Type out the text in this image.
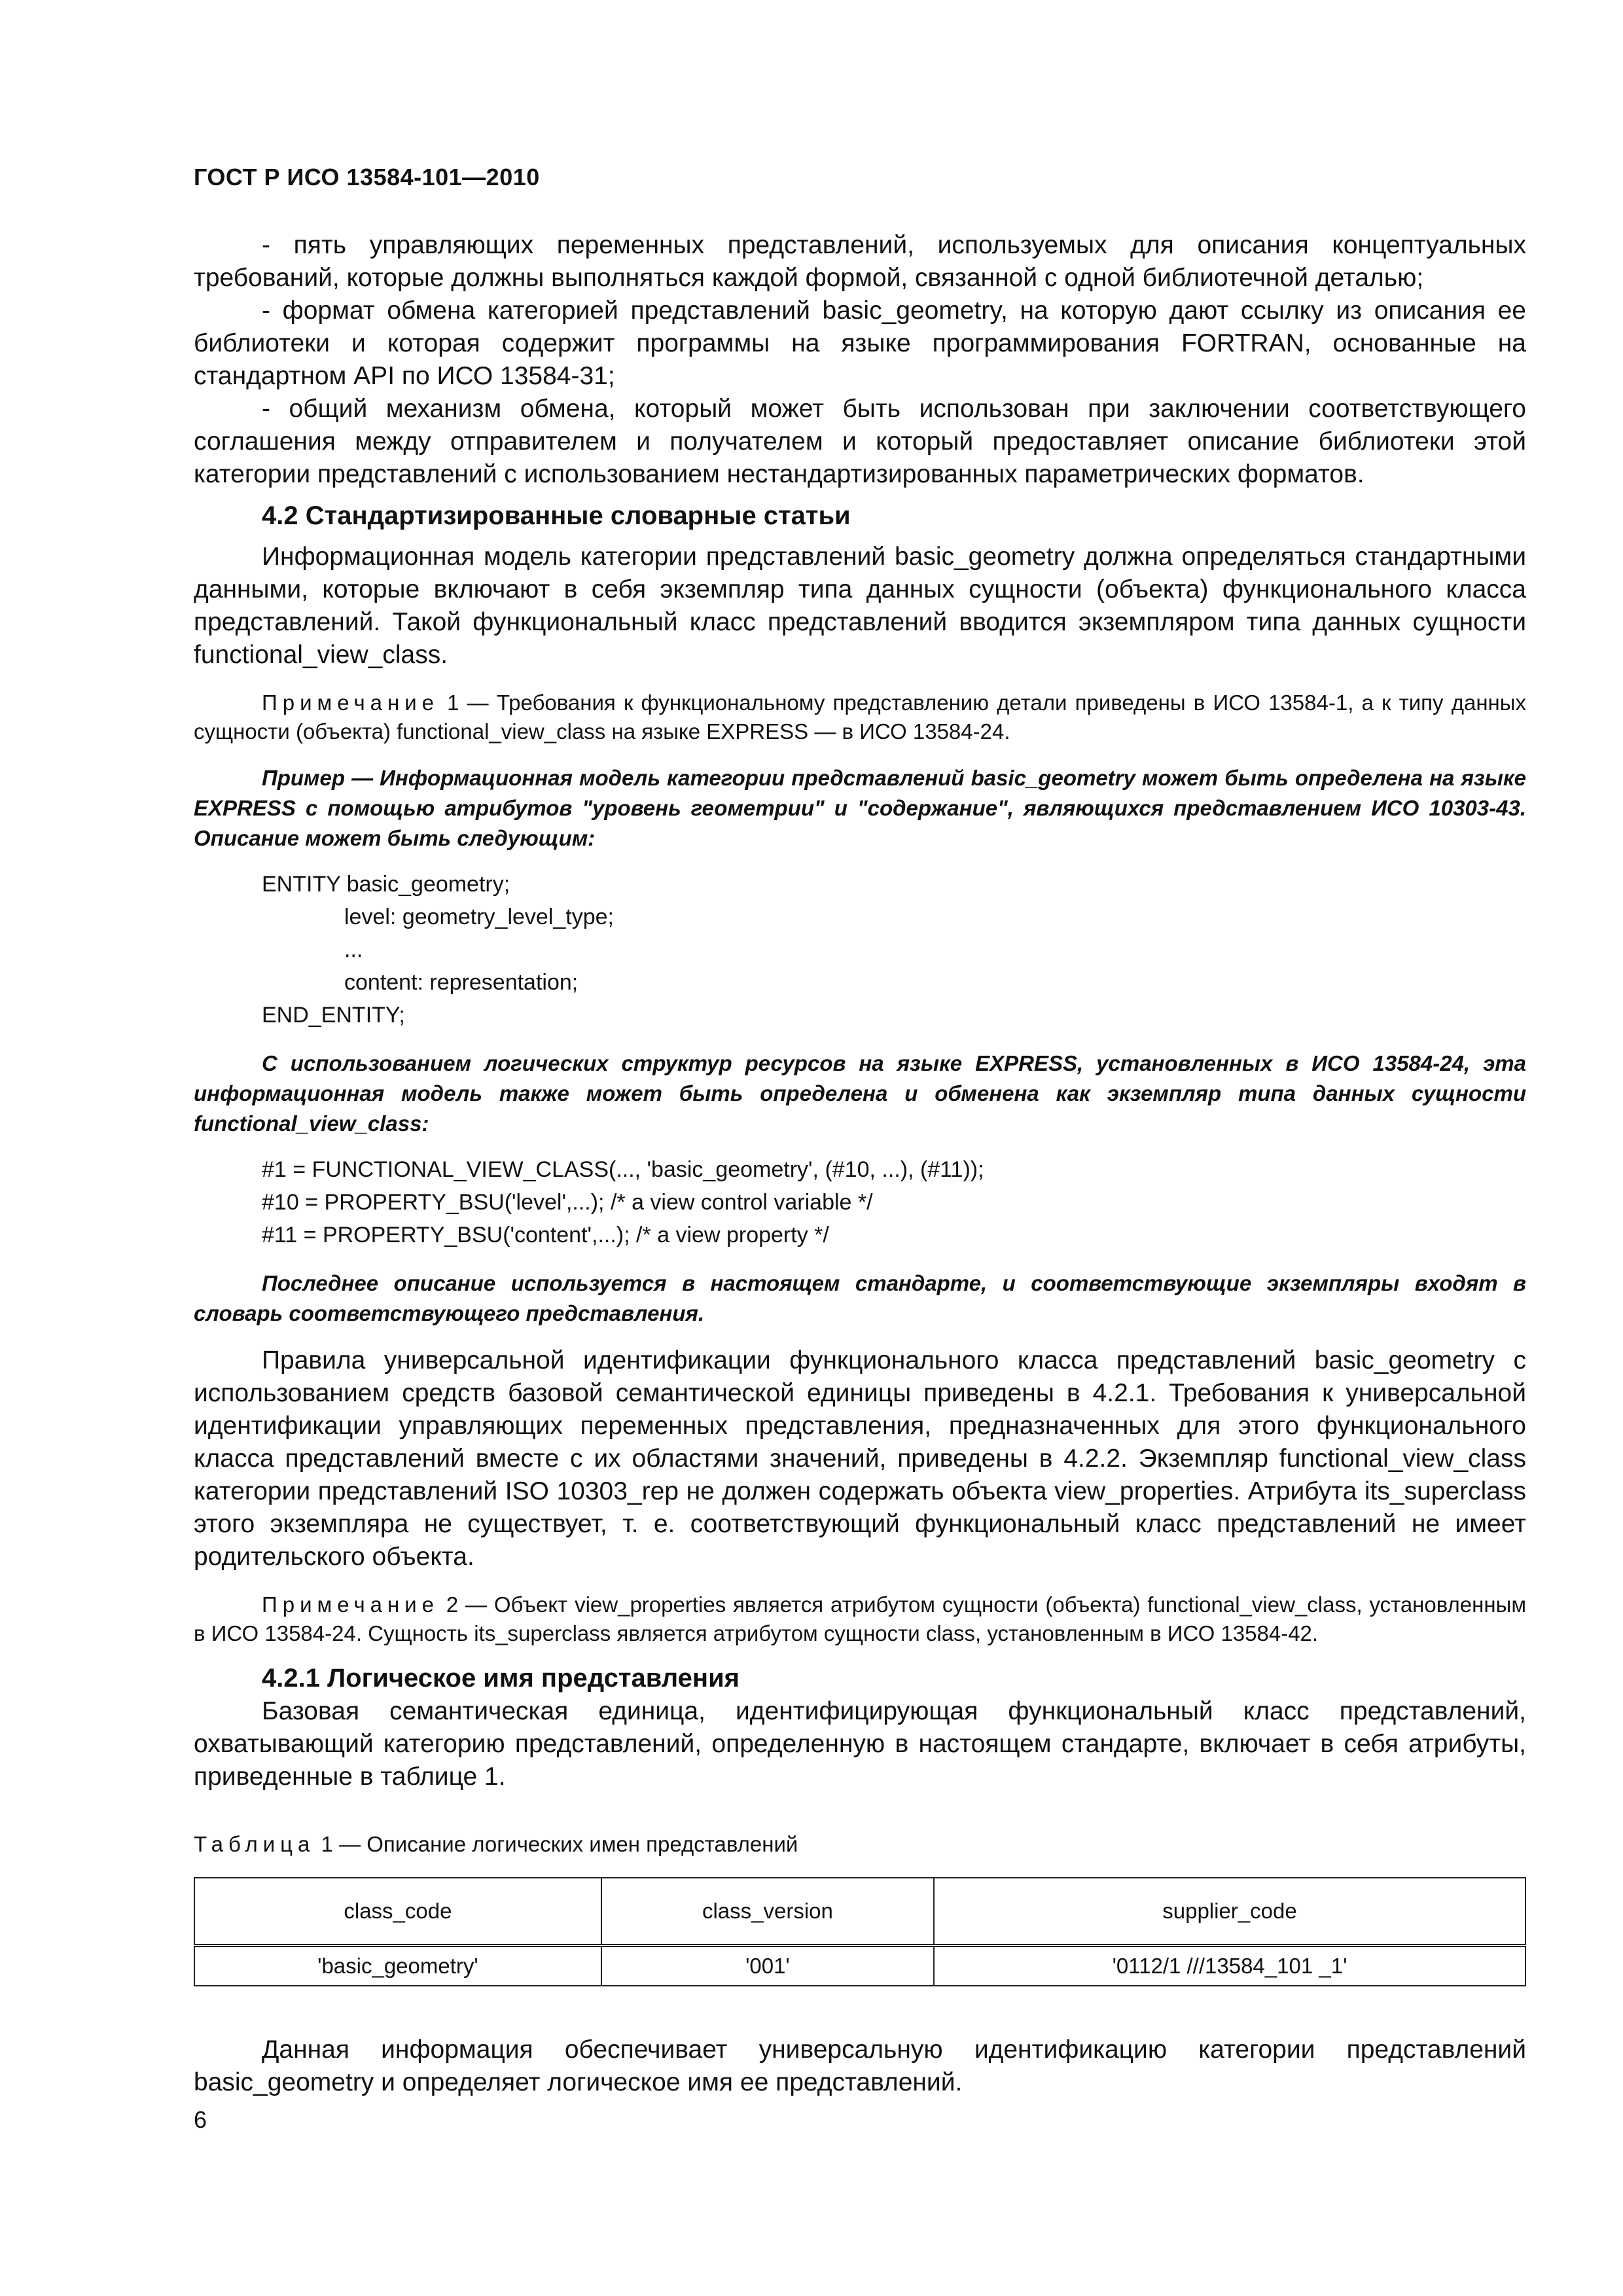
ГОСТ Р ИСО 13584-101—2010

- пять управляющих переменных представлений, используемых для описания концептуальных требований, которые должны выполняться каждой формой, связанной с одной библиотечной деталью;

- формат обмена категорией представлений basic_geometry, на которую дают ссылку из описания ее библиотеки и которая содержит программы на языке программирования FORTRAN, основанные на стандартном API по ИСО 13584-31;

- общий механизм обмена, который может быть использован при заключении соответствующего соглашения между отправителем и получателем и который предоставляет описание библиотеки этой категории представлений с использованием нестандартизированных параметрических форматов.

4.2 Стандартизированные словарные статьи

Информационная модель категории представлений basic_geometry должна определяться стандартными данными, которые включают в себя экземпляр типа данных сущности (объекта) функционального класса представлений. Такой функциональный класс представлений вводится экземпляром типа данных сущности functional_view_class.

Примечание 1 — Требования к функциональному представлению детали приведены в ИСО 13584-1, а к типу данных сущности (объекта) functional_view_class на языке EXPRESS — в ИСО 13584-24.

Пример — Информационная модель категории представлений basic_geometry может быть определена на языке EXPRESS с помощью атрибутов "уровень геометрии" и "содержание", являющихся представлением ИСО 10303-43. Описание может быть следующим:

ENTITY basic_geometry;
level: geometry_level_type;
...
content: representation;
END_ENTITY;

С использованием логических структур ресурсов на языке EXPRESS, установленных в ИСО 13584-24, эта информационная модель также может быть определена и обменена как экземпляр типа данных сущности functional_view_class:

#1 = FUNCTIONAL_VIEW_CLASS(..., 'basic_geometry', (#10, ...), (#11));
#10 = PROPERTY_BSU('level',...); /* a view control variable */
#11 = PROPERTY_BSU('content',...); /* a view property */

Последнее описание используется в настоящем стандарте, и соответствующие экземпляры входят в словарь соответствующего представления.

Правила универсальной идентификации функционального класса представлений basic_geometry с использованием средств базовой семантической единицы приведены в 4.2.1. Требования к универсальной идентификации управляющих переменных представления, предназначенных для этого функционального класса представлений вместе с их областями значений, приведены в 4.2.2. Экземпляр functional_view_class категории представлений ISO 10303_rep не должен содержать объекта view_properties. Атрибута its_superclass этого экземпляра не существует, т. е. соответствующий функциональный класс представлений не имеет родительского объекта.

Примечание 2 — Объект view_properties является атрибутом сущности (объекта) functional_view_class, установленным в ИСО 13584-24. Сущность its_superclass является атрибутом сущности class, установленным в ИСО 13584-42.

4.2.1 Логическое имя представления

Базовая семантическая единица, идентифицирующая функциональный класс представлений, охватывающий категорию представлений, определенную в настоящем стандарте, включает в себя атрибуты, приведенные в таблице 1.

Таблица 1 — Описание логических имен представлений
class_code	class_version	supplier_code
'basic_geometry'	'001'	'0112/1 ///13584_101 _1'

Данная информация обеспечивает универсальную идентификацию категории представлений basic_geometry и определяет логическое имя ее представлений.

6
